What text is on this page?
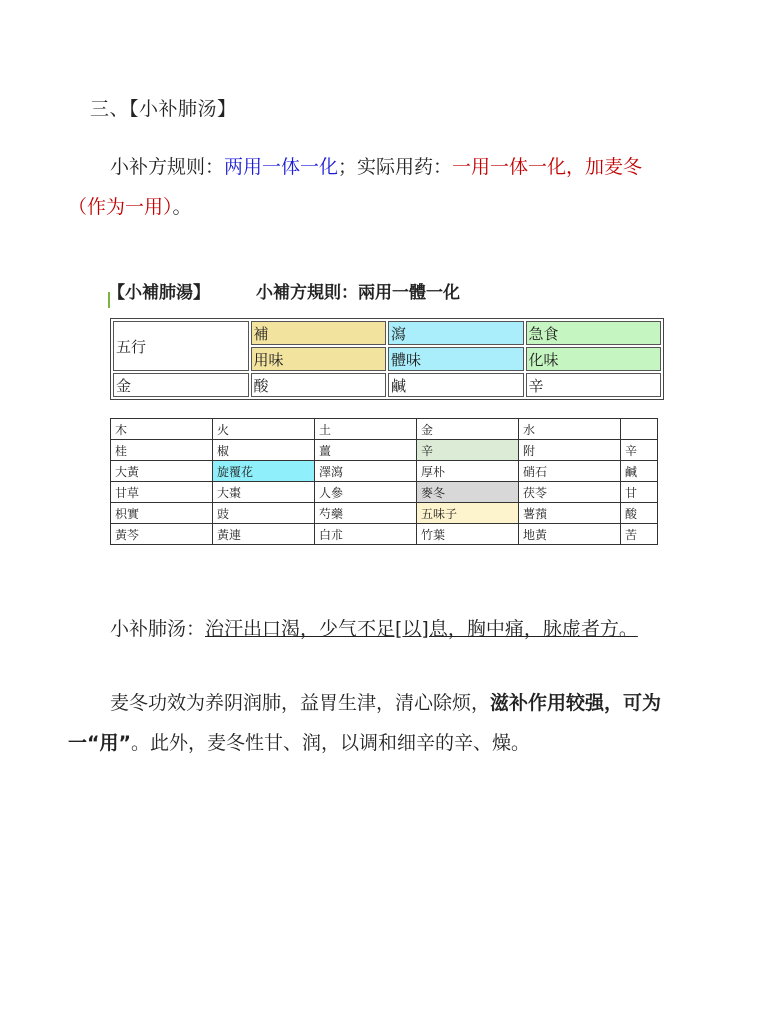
三、【小补肺汤】
小补方规则：两用一体一化；实际用药：一用一体一化，加麦冬
（作为一用）。
【小補肺湯】	小補方規則：兩用一體一化
五行	補	瀉	急食
	用味	體味	化味
金	酸	鹹	辛
木	火	土	金	水	
桂	椒	薑	辛	附	辛
大黃	旋覆花	澤瀉	厚朴	硝石	鹹
甘草	大棗	人參	麥冬	茯苓	甘
枳實	豉	芍藥	五味子	薯蕷	酸
黃芩	黃連	白朮	竹葉	地黃	苦
小补肺汤：治汗出口渴，少气不足[以]息，胸中痛，脉虚者方。
麦冬功效为养阴润肺，益胃生津，清心除烦，滋补作用较强，可为
一“用”。此外，麦冬性甘、润，以调和细辛的辛、燥。
